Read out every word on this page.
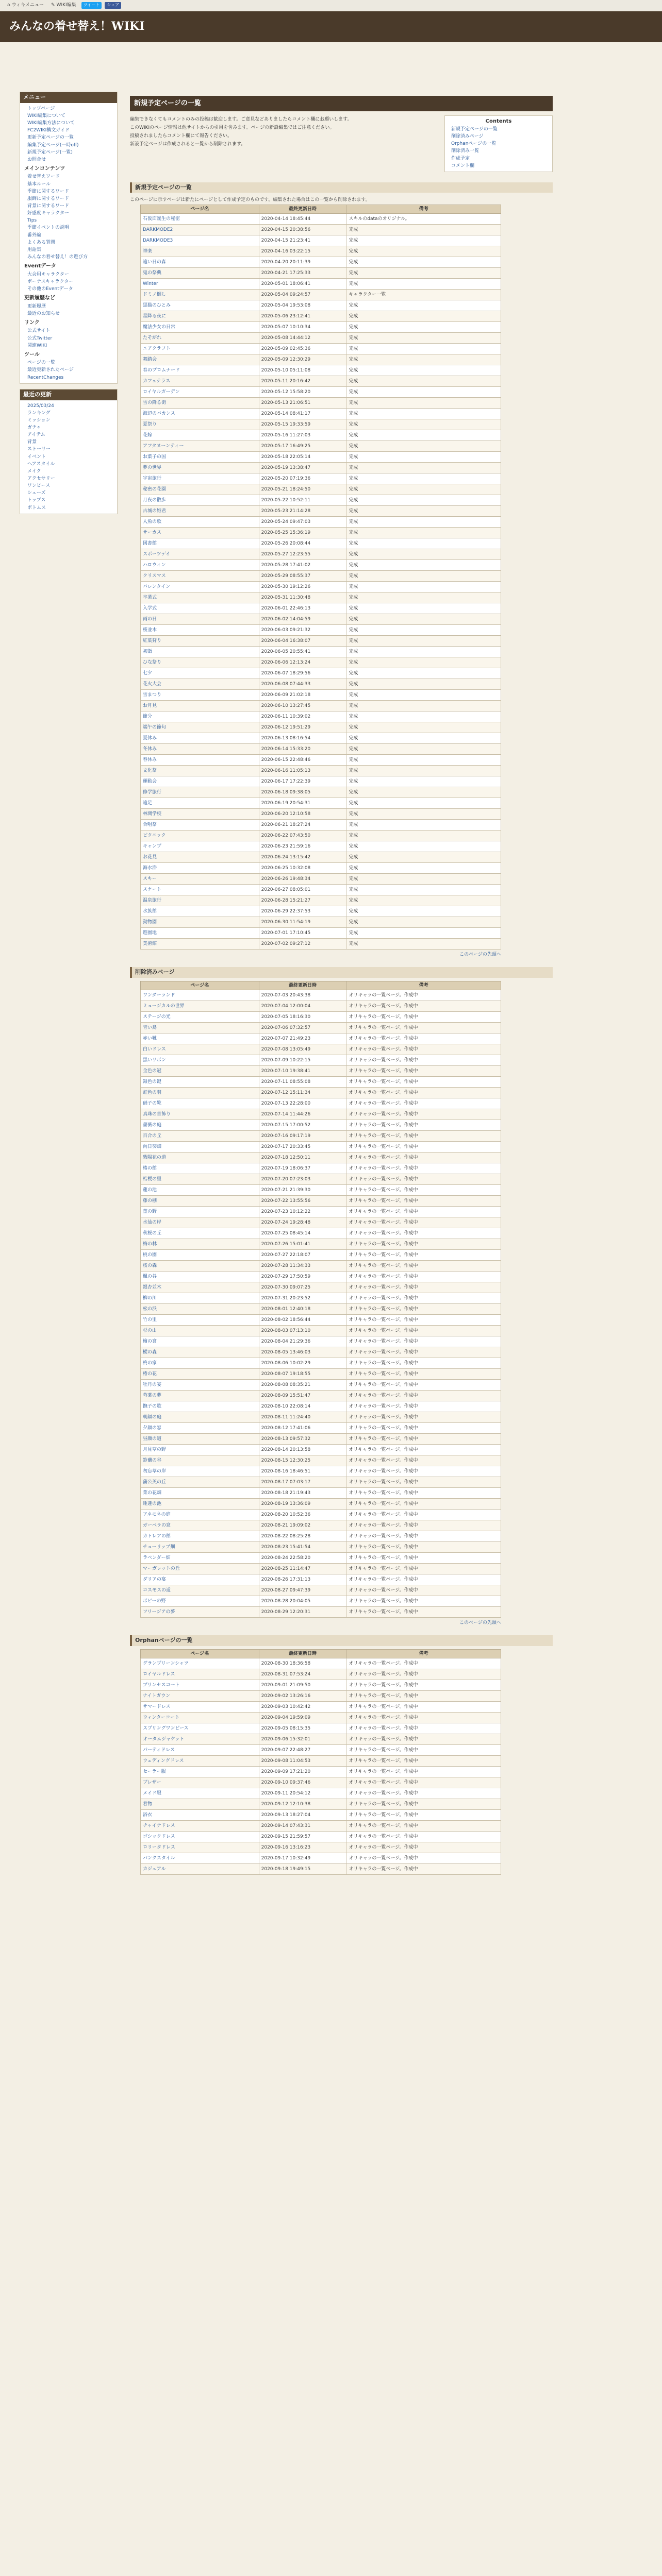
⌂ ウィキメニュー ✎ WIKI編集	ツイート	シェア
みんなの着せ替え！WIKI
メニュー
トップページ
WIKI編集について
WIKI編集方法について
FC2WIKI構文ガイド
更新予定ページの一覧
編集予定ページ(一時off)
新規予定ページ(一覧)
お問合せ
メインコンテンツ
着せ替えワード
基本ルール
季節に関するワード
服飾に関するワード
背景に関するワード
好感度キャラクター
Tips
季節イベントの説明
番外編
よくある質問
用語集
みんなの着せ替え！の遊び方
Eventデータ
大会用キャラクター
ボーナスキャラクター
その他のEventデータ
更新履歴など
更新履歴
最近のお知らせ
リンク
公式サイト
公式Twitter
関連WIKI
ツール
ページの一覧
最近更新されたページ
RecentChanges
最近の更新
2025/03/24
ランキング
ミッション
ガチャ
アイテム
背景
ストーリー
イベント
ヘアスタイル
メイク
アクセサリー
ワンピース
シューズ
トップス
ボトムス
新規予定ページの一覧
編集できなくてもコメントのみの投稿は歓迎します。ご意見などありましたらコメント欄にお願いします。
このWIKIのページ情報は他サイトからの引用を含みます。ページの新設編集ではご注意ください。
投稿されましたらコメント欄にて報告ください。
新設予定ページは作成されると一覧から削除されます。
Contents
新規予定ページの一覧
削除済みページ
Orphanページの一覧
削除済み一覧
作成予定
コメント欄
新規予定ページの一覧
このページに示すページは新たにページとして作成予定のものです。編集された場合はこの一覧から削除されます。
ページ名	最終更新日時	備考
石仮面誕生の秘密	2020-04-14 18:45:44	スキルのdataのオリジナル。
DARKMODE2	2020-04-15 20:38:56	完成
DARKMODE3	2020-04-15 21:23:41	完成
神楽	2020-04-16 03:22:15	完成
遠い日の森	2020-04-20 20:11:39	完成
鬼の祭典	2020-04-21 17:25:33	完成
Winter	2020-05-01 18:06:41	完成
ドミノ倒し	2020-05-04 09:24:57	キャラクター一覧
黒猫のひとみ	2020-05-04 19:53:08	完成
星降る夜に	2020-05-06 23:12:41	完成
魔法少女の日常	2020-05-07 10:10:34	完成
たそがれ	2020-05-08 14:44:12	完成
エアクラフト	2020-05-09 02:45:36	完成
舞踏会	2020-05-09 12:30:29	完成
春のプロムナード	2020-05-10 05:11:08	完成
カフェテラス	2020-05-11 20:16:42	完成
ロイヤルガーデン	2020-05-12 15:58:20	完成
雪の降る街	2020-05-13 21:06:51	完成
海辺のバカンス	2020-05-14 08:41:17	完成
夏祭り	2020-05-15 19:33:59	完成
花嫁	2020-05-16 11:27:03	完成
アフタヌーンティー	2020-05-17 16:49:25	完成
お菓子の国	2020-05-18 22:05:14	完成
夢の世界	2020-05-19 13:38:47	完成
宇宙旅行	2020-05-20 07:19:36	完成
秘密の花園	2020-05-21 18:24:50	完成
月夜の散歩	2020-05-22 10:52:11	完成
古城の姫君	2020-05-23 21:14:28	完成
人魚の歌	2020-05-24 09:47:03	完成
サーカス	2020-05-25 15:36:19	完成
図書館	2020-05-26 20:08:44	完成
スポーツデイ	2020-05-27 12:23:55	完成
ハロウィン	2020-05-28 17:41:02	完成
クリスマス	2020-05-29 08:55:37	完成
バレンタイン	2020-05-30 19:12:26	完成
卒業式	2020-05-31 11:30:48	完成
入学式	2020-06-01 22:46:13	完成
雨の日	2020-06-02 14:04:59	完成
桜並木	2020-06-03 09:21:32	完成
紅葉狩り	2020-06-04 16:38:07	完成
初詣	2020-06-05 20:55:41	完成
ひな祭り	2020-06-06 12:13:24	完成
七夕	2020-06-07 18:29:56	完成
花火大会	2020-06-08 07:44:33	完成
雪まつり	2020-06-09 21:02:18	完成
お月見	2020-06-10 13:27:45	完成
節分	2020-06-11 10:39:02	完成
端午の節句	2020-06-12 19:51:29	完成
夏休み	2020-06-13 08:16:54	完成
冬休み	2020-06-14 15:33:20	完成
春休み	2020-06-15 22:48:46	完成
文化祭	2020-06-16 11:05:13	完成
運動会	2020-06-17 17:22:39	完成
修学旅行	2020-06-18 09:38:05	完成
遠足	2020-06-19 20:54:31	完成
林間学校	2020-06-20 12:10:58	完成
合唱祭	2020-06-21 18:27:24	完成
ピクニック	2020-06-22 07:43:50	完成
キャンプ	2020-06-23 21:59:16	完成
お花見	2020-06-24 13:15:42	完成
海水浴	2020-06-25 10:32:08	完成
スキー	2020-06-26 19:48:34	完成
スケート	2020-06-27 08:05:01	完成
温泉旅行	2020-06-28 15:21:27	完成
水族館	2020-06-29 22:37:53	完成
動物園	2020-06-30 11:54:19	完成
遊園地	2020-07-01 17:10:45	完成
美術館	2020-07-02 09:27:12	完成
このページの先頭へ
削除済みページ
ページ名	最終更新日時	備考
ワンダーランド	2020-07-03 20:43:38	オリキャラの一覧ページ。作成中
ミュージカルの世界	2020-07-04 12:00:04	オリキャラの一覧ページ。作成中
ステージの光	2020-07-05 18:16:30	オリキャラの一覧ページ。作成中
青い鳥	2020-07-06 07:32:57	オリキャラの一覧ページ。作成中
赤い靴	2020-07-07 21:49:23	オリキャラの一覧ページ。作成中
白いドレス	2020-07-08 13:05:49	オリキャラの一覧ページ。作成中
黒いリボン	2020-07-09 10:22:15	オリキャラの一覧ページ。作成中
金色の冠	2020-07-10 19:38:41	オリキャラの一覧ページ。作成中
銀色の鍵	2020-07-11 08:55:08	オリキャラの一覧ページ。作成中
虹色の羽	2020-07-12 15:11:34	オリキャラの一覧ページ。作成中
硝子の靴	2020-07-13 22:28:00	オリキャラの一覧ページ。作成中
真珠の首飾り	2020-07-14 11:44:26	オリキャラの一覧ページ。作成中
薔薇の庭	2020-07-15 17:00:52	オリキャラの一覧ページ。作成中
百合の丘	2020-07-16 09:17:19	オリキャラの一覧ページ。作成中
向日葵畑	2020-07-17 20:33:45	オリキャラの一覧ページ。作成中
紫陽花の道	2020-07-18 12:50:11	オリキャラの一覧ページ。作成中
椿の館	2020-07-19 18:06:37	オリキャラの一覧ページ。作成中
桔梗の里	2020-07-20 07:23:03	オリキャラの一覧ページ。作成中
蓮の池	2020-07-21 21:39:30	オリキャラの一覧ページ。作成中
藤の棚	2020-07-22 13:55:56	オリキャラの一覧ページ。作成中
菫の野	2020-07-23 10:12:22	オリキャラの一覧ページ。作成中
水仙の岸	2020-07-24 19:28:48	オリキャラの一覧ページ。作成中
秋桜の丘	2020-07-25 08:45:14	オリキャラの一覧ページ。作成中
梅の林	2020-07-26 15:01:41	オリキャラの一覧ページ。作成中
桃の園	2020-07-27 22:18:07	オリキャラの一覧ページ。作成中
桜の森	2020-07-28 11:34:33	オリキャラの一覧ページ。作成中
楓の谷	2020-07-29 17:50:59	オリキャラの一覧ページ。作成中
銀杏並木	2020-07-30 09:07:25	オリキャラの一覧ページ。作成中
柳の川	2020-07-31 20:23:52	オリキャラの一覧ページ。作成中
松の浜	2020-08-01 12:40:18	オリキャラの一覧ページ。作成中
竹の里	2020-08-02 18:56:44	オリキャラの一覧ページ。作成中
杉の山	2020-08-03 07:13:10	オリキャラの一覧ページ。作成中
檜の宮	2020-08-04 21:29:36	オリキャラの一覧ページ。作成中
樅の森	2020-08-05 13:46:03	オリキャラの一覧ページ。作成中
柊の家	2020-08-06 10:02:29	オリキャラの一覧ページ。作成中
椿の花	2020-08-07 19:18:55	オリキャラの一覧ページ。作成中
牡丹の宴	2020-08-08 08:35:21	オリキャラの一覧ページ。作成中
芍薬の夢	2020-08-09 15:51:47	オリキャラの一覧ページ。作成中
撫子の歌	2020-08-10 22:08:14	オリキャラの一覧ページ。作成中
朝顔の庭	2020-08-11 11:24:40	オリキャラの一覧ページ。作成中
夕顔の窓	2020-08-12 17:41:06	オリキャラの一覧ページ。作成中
昼顔の道	2020-08-13 09:57:32	オリキャラの一覧ページ。作成中
月見草の野	2020-08-14 20:13:58	オリキャラの一覧ページ。作成中
鈴蘭の谷	2020-08-15 12:30:25	オリキャラの一覧ページ。作成中
勿忘草の岸	2020-08-16 18:46:51	オリキャラの一覧ページ。作成中
蒲公英の丘	2020-08-17 07:03:17	オリキャラの一覧ページ。作成中
菜の花畑	2020-08-18 21:19:43	オリキャラの一覧ページ。作成中
睡蓮の池	2020-08-19 13:36:09	オリキャラの一覧ページ。作成中
アネモネの庭	2020-08-20 10:52:36	オリキャラの一覧ページ。作成中
ガーベラの窓	2020-08-21 19:09:02	オリキャラの一覧ページ。作成中
カトレアの館	2020-08-22 08:25:28	オリキャラの一覧ページ。作成中
チューリップ畑	2020-08-23 15:41:54	オリキャラの一覧ページ。作成中
ラベンダー畑	2020-08-24 22:58:20	オリキャラの一覧ページ。作成中
マーガレットの丘	2020-08-25 11:14:47	オリキャラの一覧ページ。作成中
ダリアの宴	2020-08-26 17:31:13	オリキャラの一覧ページ。作成中
コスモスの道	2020-08-27 09:47:39	オリキャラの一覧ページ。作成中
ポピーの野	2020-08-28 20:04:05	オリキャラの一覧ページ。作成中
フリージアの夢	2020-08-29 12:20:31	オリキャラの一覧ページ。作成中
このページの先頭へ
Orphanページの一覧
ページ名	最終更新日時	備考
グランプリーンシャツ	2020-08-30 18:36:58	オリキャラの一覧ページ。作成中
ロイヤルドレス	2020-08-31 07:53:24	オリキャラの一覧ページ。作成中
プリンセスコート	2020-09-01 21:09:50	オリキャラの一覧ページ。作成中
ナイトガウン	2020-09-02 13:26:16	オリキャラの一覧ページ。作成中
サマードレス	2020-09-03 10:42:42	オリキャラの一覧ページ。作成中
ウィンターコート	2020-09-04 19:59:09	オリキャラの一覧ページ。作成中
スプリングワンピース	2020-09-05 08:15:35	オリキャラの一覧ページ。作成中
オータムジャケット	2020-09-06 15:32:01	オリキャラの一覧ページ。作成中
パーティドレス	2020-09-07 22:48:27	オリキャラの一覧ページ。作成中
ウェディングドレス	2020-09-08 11:04:53	オリキャラの一覧ページ。作成中
セーラー服	2020-09-09 17:21:20	オリキャラの一覧ページ。作成中
ブレザー	2020-09-10 09:37:46	オリキャラの一覧ページ。作成中
メイド服	2020-09-11 20:54:12	オリキャラの一覧ページ。作成中
着物	2020-09-12 12:10:38	オリキャラの一覧ページ。作成中
浴衣	2020-09-13 18:27:04	オリキャラの一覧ページ。作成中
チャイナドレス	2020-09-14 07:43:31	オリキャラの一覧ページ。作成中
ゴシックドレス	2020-09-15 21:59:57	オリキャラの一覧ページ。作成中
ロリータドレス	2020-09-16 13:16:23	オリキャラの一覧ページ。作成中
パンクスタイル	2020-09-17 10:32:49	オリキャラの一覧ページ。作成中
カジュアル	2020-09-18 19:49:15	オリキャラの一覧ページ。作成中
